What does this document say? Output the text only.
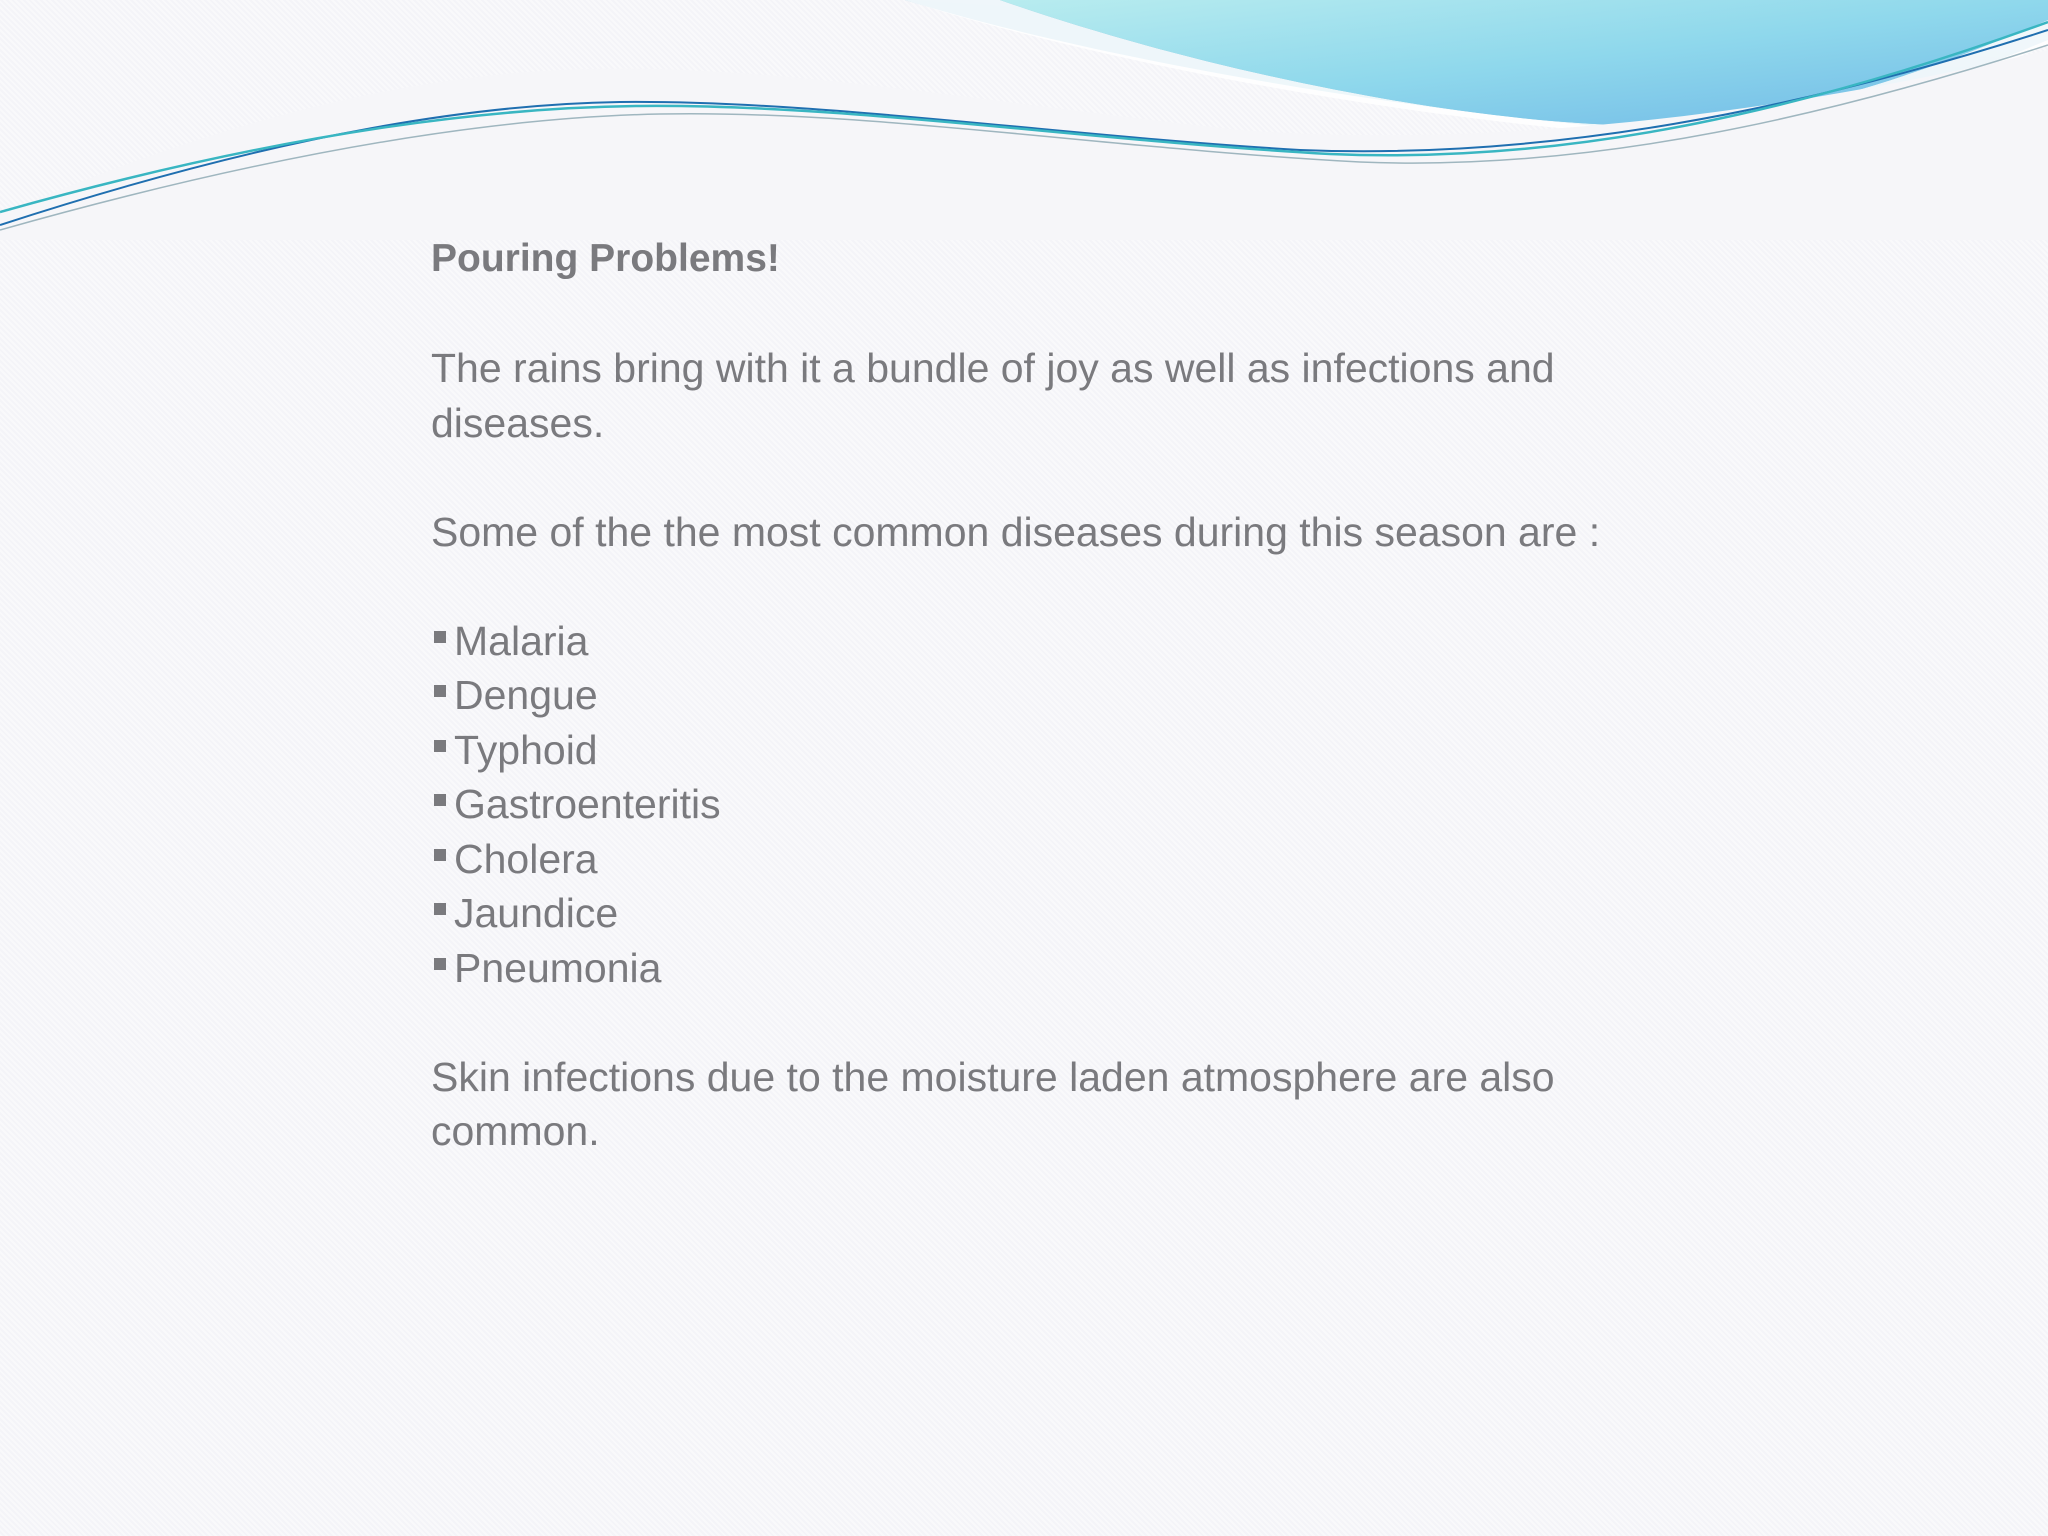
Pouring Problems!

The rains bring with it a bundle of joy as well as infections and diseases.

Some of the the most common diseases during this season are :

Malaria
Dengue
Typhoid
Gastroenteritis
Cholera
Jaundice
Pneumonia

Skin infections due to the moisture laden atmosphere are also common.
